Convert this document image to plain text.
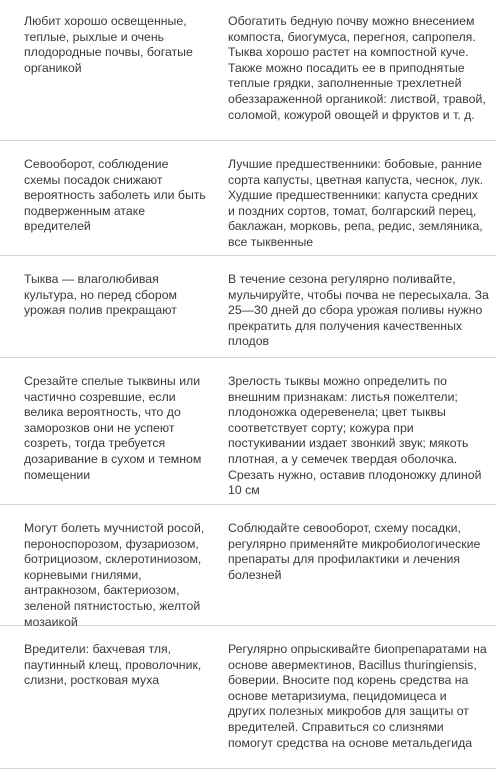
Любит хорошо освещенные,
теплые, рыхлые и очень
плодородные почвы, богатые
органикой
Обогатить бедную почву можно внесением
компоста, биогумуса, перегноя, сапропеля.
Тыква хорошо растет на компостной куче.
Также можно посадить ее в приподнятые
теплые грядки, заполненные трехлетней
обеззараженной органикой: листвой, травой,
соломой, кожурой овощей и фруктов и т. д.
Севооборот, соблюдение
схемы посадок снижают
вероятность заболеть или быть
подверженным атаке
вредителей
Лучшие предшественники: бобовые, ранние
сорта капусты, цветная капуста, чеснок, лук.
Худшие предшественники: капуста средних
и поздних сортов, томат, болгарский перец,
баклажан, морковь, репа, редис, земляника,
все тыквенные
Тыква — влаголюбивая
культура, но перед сбором
урожая полив прекращают
В течение сезона регулярно поливайте,
мульчируйте, чтобы почва не пересыхала. За
25—30 дней до сбора урожая поливы нужно
прекратить для получения качественных
плодов
Срезайте спелые тыквины или
частично созревшие, если
велика вероятность, что до
заморозков они не успеют
созреть, тогда требуется
дозаривание в сухом и темном
помещении
Зрелость тыквы можно определить по
внешним признакам: листья пожелтели;
плодоножка одеревенела; цвет тыквы
соответствует сорту; кожура при
постукивании издает звонкий звук; мякоть
плотная, а у семечек твердая оболочка.
Срезать нужно, оставив плодоножку длиной
10 см
Могут болеть мучнистой росой,
пероноспорозом, фузариозом,
ботрициозом, склеротиниозом,
корневыми гнилями,
антракнозом, бактериозом,
зеленой пятнистостью, желтой
мозаикой
Соблюдайте севооборот, схему посадки,
регулярно применяйте микробиологические
препараты для профилактики и лечения
болезней
Вредители: бахчевая тля,
паутинный клещ, проволочник,
слизни, ростковая муха
Регулярно опрыскивайте биопрепаратами на
основе авермектинов, Bacillus thuringiensis,
боверии. Вносите под корень средства на
основе метаризиума, пецидомицеса и
других полезных микробов для защиты от
вредителей. Справиться со слизнями
помогут средства на основе метальдегида
